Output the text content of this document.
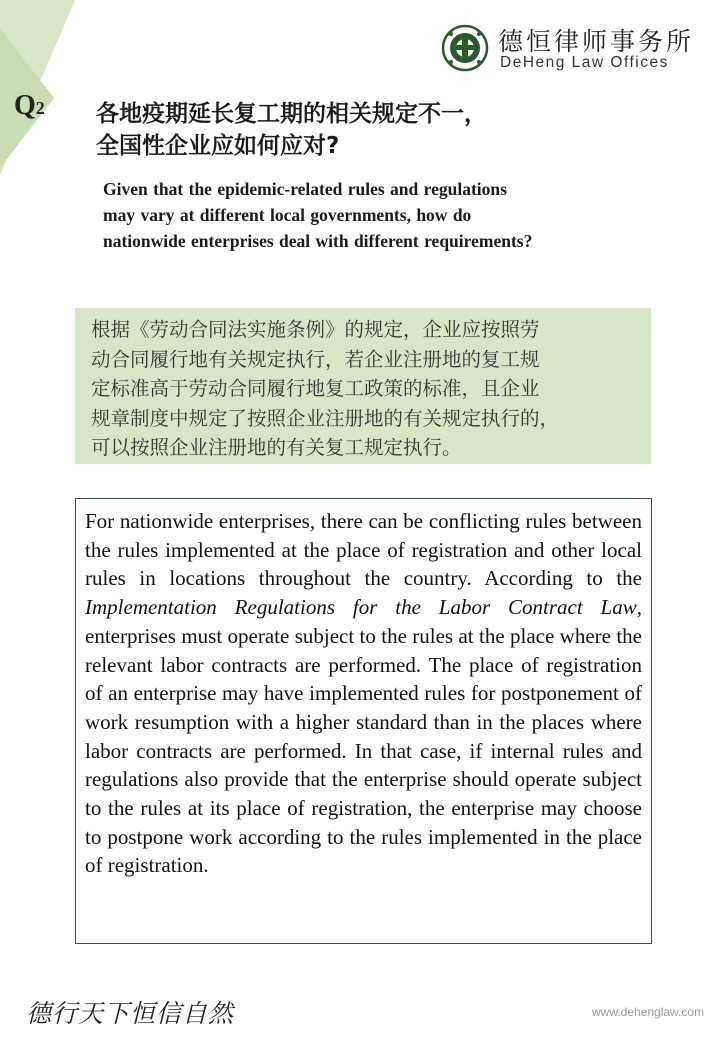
Q2
德恒律师事务所
DeHeng Law Offices
各地疫期延长复工期的相关规定不一，
全国性企业应如何应对?
Given that the epidemic-related rules and regulations
may vary at different local governments, how do
nationwide enterprises deal with different requirements?
根据《劳动合同法实施条例》的规定，企业应按照劳
动合同履行地有关规定执行，若企业注册地的复工规
定标准高于劳动合同履行地复工政策的标准，且企业
规章制度中规定了按照企业注册地的有关规定执行的，
可以按照企业注册地的有关复工规定执行。
For nationwide enterprises, there can be conflicting rules between the rules implemented at the place of registration and other local rules in locations throughout the country. According to the Implementation Regulations for the Labor Contract Law, enterprises must operate subject to the rules at the place where the relevant labor contracts are performed. The place of registration of an enterprise may have implemented rules for postponement of work resumption with a higher standard than in the places where labor contracts are performed. In that case, if internal rules and regulations also provide that the enterprise should operate subject to the rules at its place of registration, the enterprise may choose to postpone work according to the rules implemented in the place of registration.
德行天下恒信自然	www.dehenglaw.com
